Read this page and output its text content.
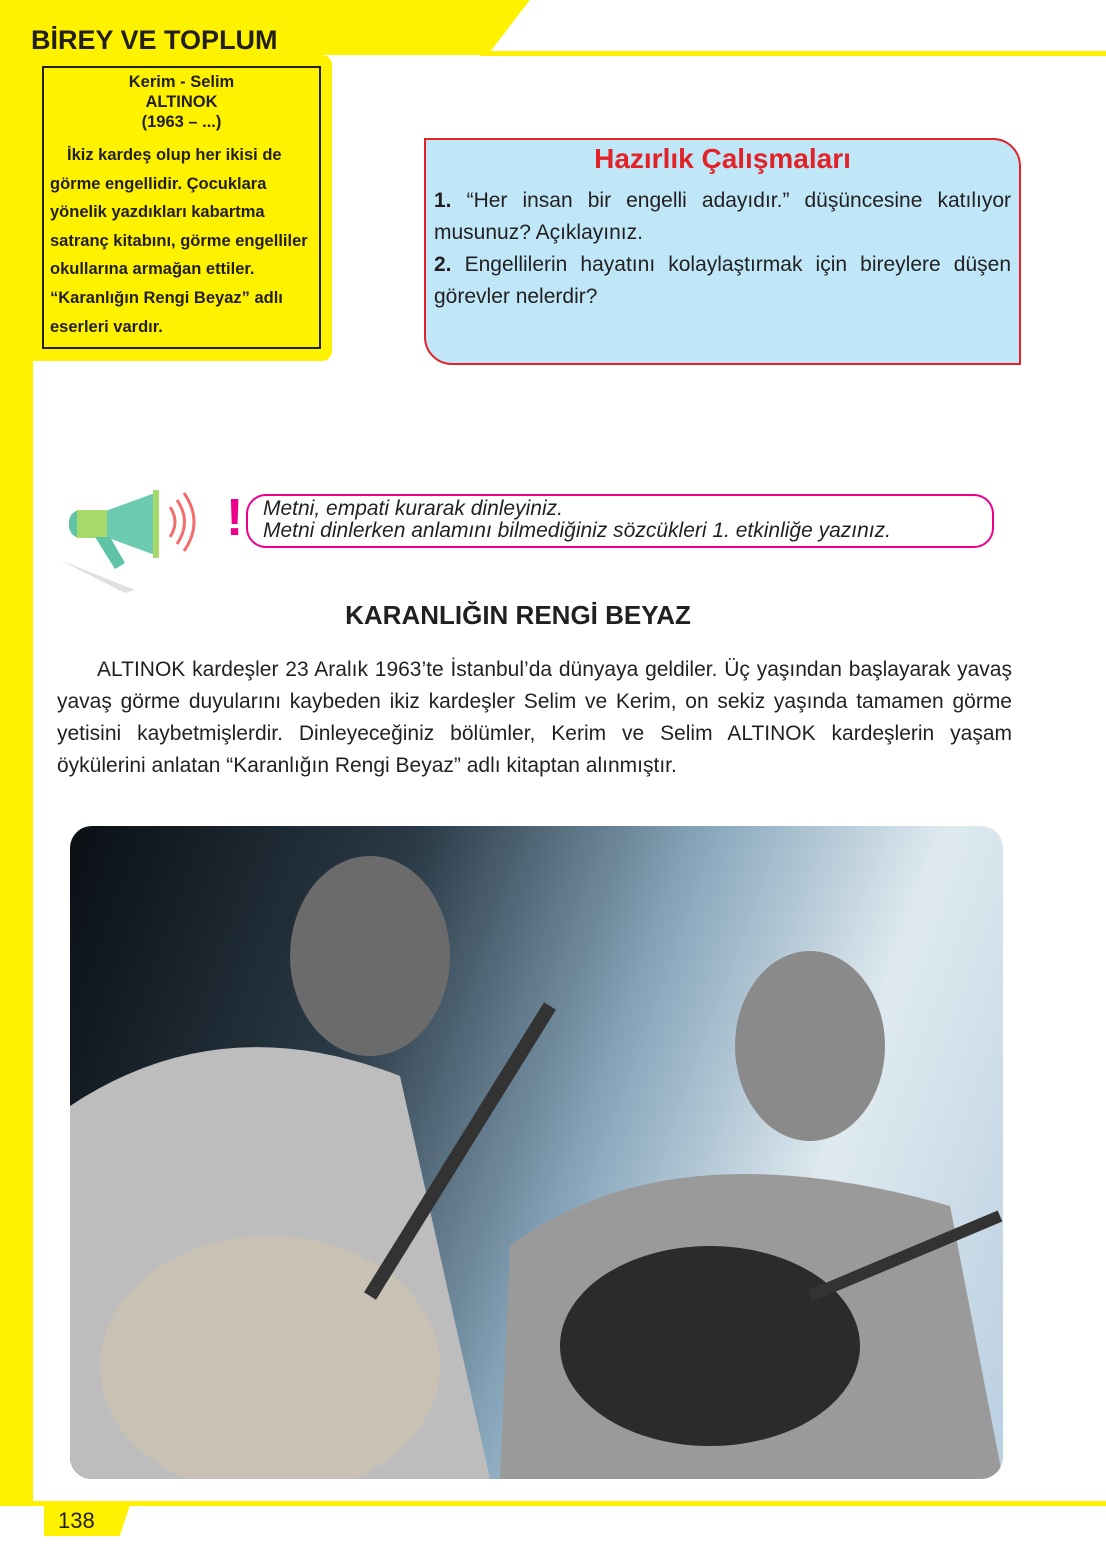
BİREY VE TOPLUM
Kerim - Selim
ALTINOK
(1963 – ...)
İkiz kardeş olup her ikisi de görme engellidir. Çocuklara yönelik yazdıkları kabartma satranç kitabını, görme engelliler okullarına armağan ettiler. “Karanlığın Rengi Beyaz” adlı eserleri vardır.
Hazırlık Çalışmaları
1. “Her insan bir engelli adayıdır.” düşüncesine katılıyor musunuz? Açıklayınız.
2. Engellilerin hayatını kolaylaştırmak için bireylere düşen görevler nelerdir?
! Metni, empati kurarak dinleyiniz.
Metni dinlerken anlamını bilmediğiniz sözcükleri 1. etkinliğe yazınız.
KARANLIĞIN RENGİ BEYAZ
ALTINOK kardeşler 23 Aralık 1963’te İstanbul’da dünyaya geldiler. Üç yaşından başlayarak yavaş yavaş görme duyularını kaybeden ikiz kardeşler Selim ve Kerim, on sekiz yaşında tamamen görme yetisini kaybetmişlerdir. Dinleyeceğiniz bölümler, Kerim ve Selim ALTINOK kardeşlerin yaşam öykülerini anlatan “Karanlığın Rengi Beyaz” adlı kitaptan alınmıştır.
138
